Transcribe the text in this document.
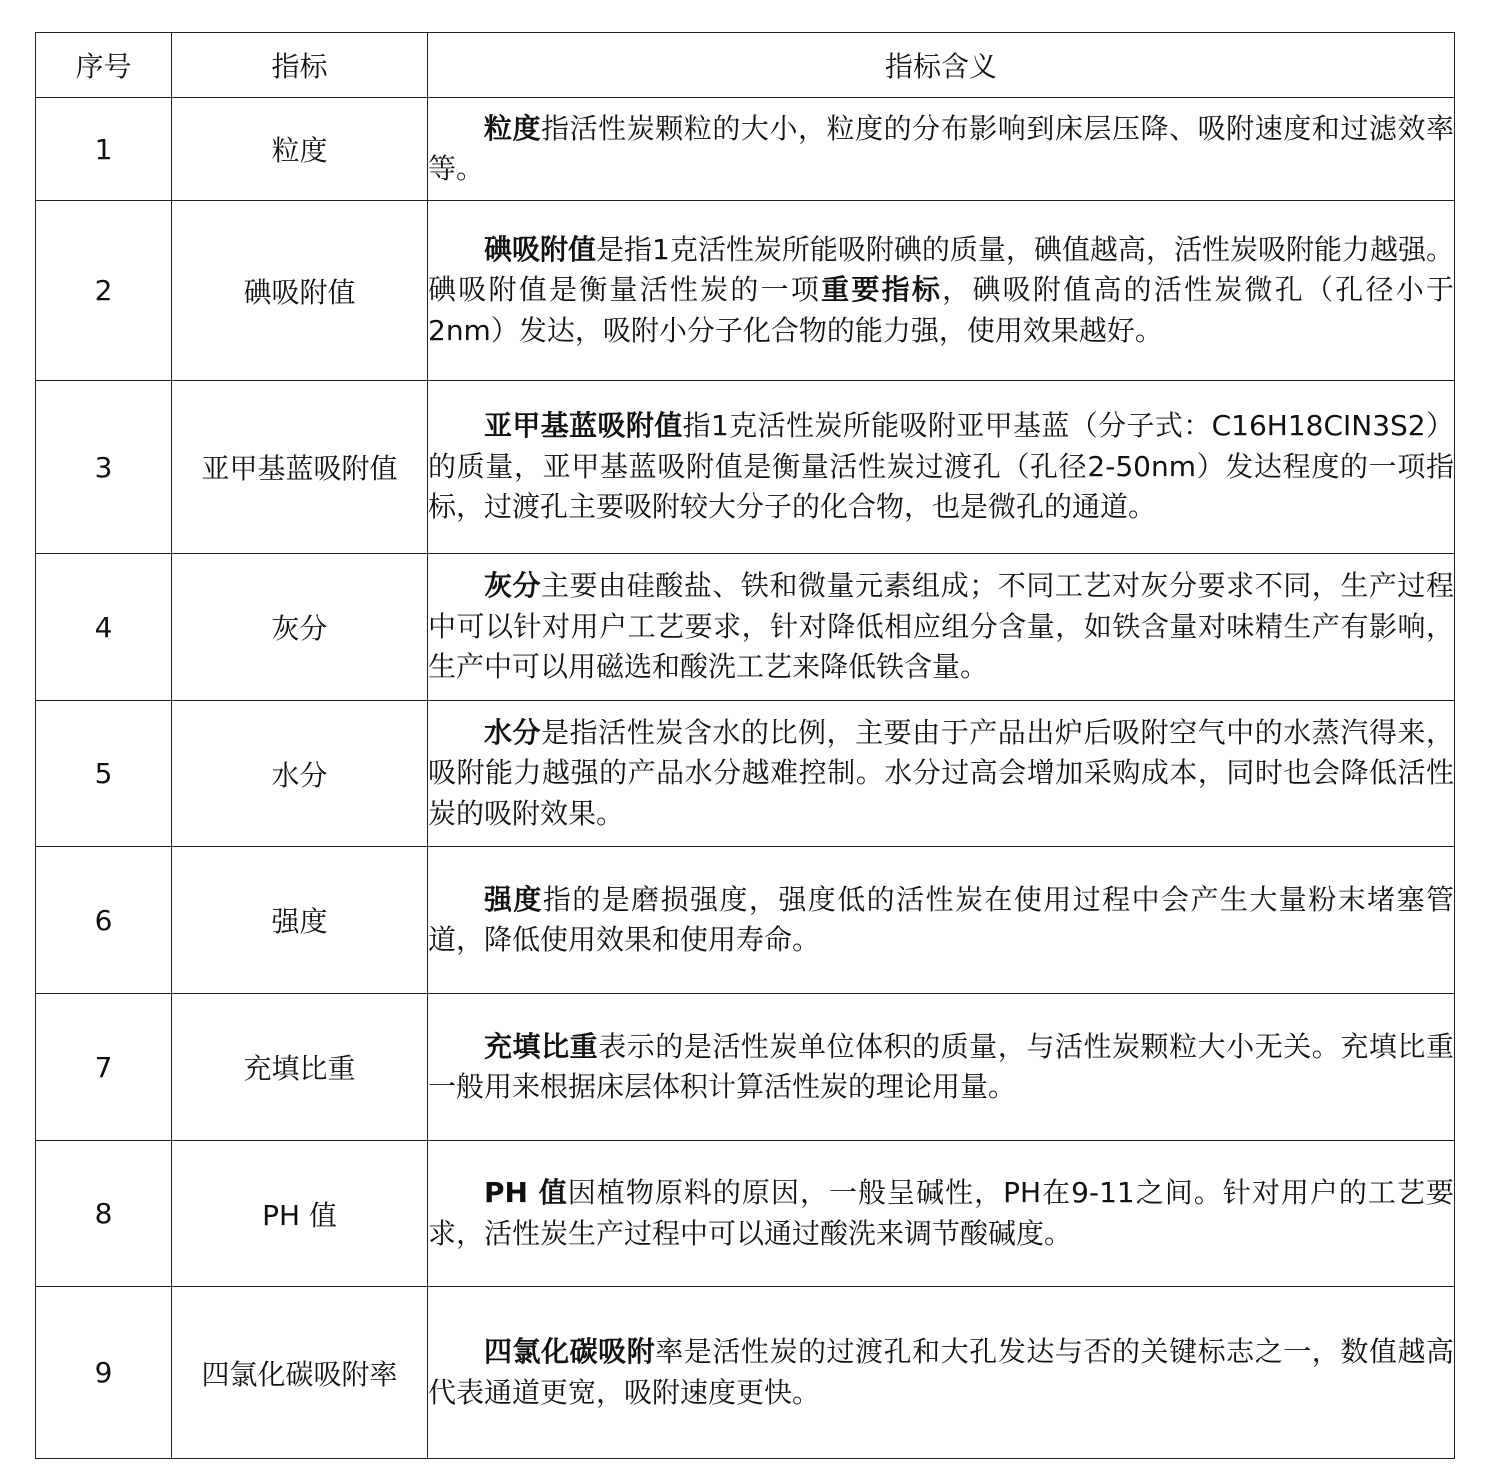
序号	指标	指标含义
1	粒度	粒度指活性炭颗粒的大小，粒度的分布影响到床层压降、吸附速度和过滤效率等。

2	碘吸附值	碘吸附值是指1克活性炭所能吸附碘的质量，碘值越高，活性炭吸附能力越强。碘吸附值是衡量活性炭的一项重要指标，碘吸附值高的活性炭微孔（孔径小于2nm）发达，吸附小分子化合物的能力强，使用效果越好。

3	亚甲基蓝吸附值	亚甲基蓝吸附值指1克活性炭所能吸附亚甲基蓝（分子式：C16H18CIN3S2）的质量，亚甲基蓝吸附值是衡量活性炭过渡孔（孔径2-50nm）发达程度的一项指标，过渡孔主要吸附较大分子的化合物，也是微孔的通道。

4	灰分	灰分主要由硅酸盐、铁和微量元素组成；不同工艺对灰分要求不同，生产过程中可以针对用户工艺要求，针对降低相应组分含量，如铁含量对味精生产有影响，生产中可以用磁选和酸洗工艺来降低铁含量。

5	水分	水分是指活性炭含水的比例，主要由于产品出炉后吸附空气中的水蒸汽得来，吸附能力越强的产品水分越难控制。水分过高会增加采购成本，同时也会降低活性炭的吸附效果。

6	强度	强度指的是磨损强度，强度低的活性炭在使用过程中会产生大量粉末堵塞管道，降低使用效果和使用寿命。

7	充填比重	充填比重表示的是活性炭单位体积的质量，与活性炭颗粒大小无关。充填比重一般用来根据床层体积计算活性炭的理论用量。

8	PH 值	PH 值因植物原料的原因，一般呈碱性，PH在9-11之间。针对用户的工艺要求，活性炭生产过程中可以通过酸洗来调节酸碱度。

9	四氯化碳吸附率	四氯化碳吸附率是活性炭的过渡孔和大孔发达与否的关键标志之一，数值越高代表通道更宽，吸附速度更快。
